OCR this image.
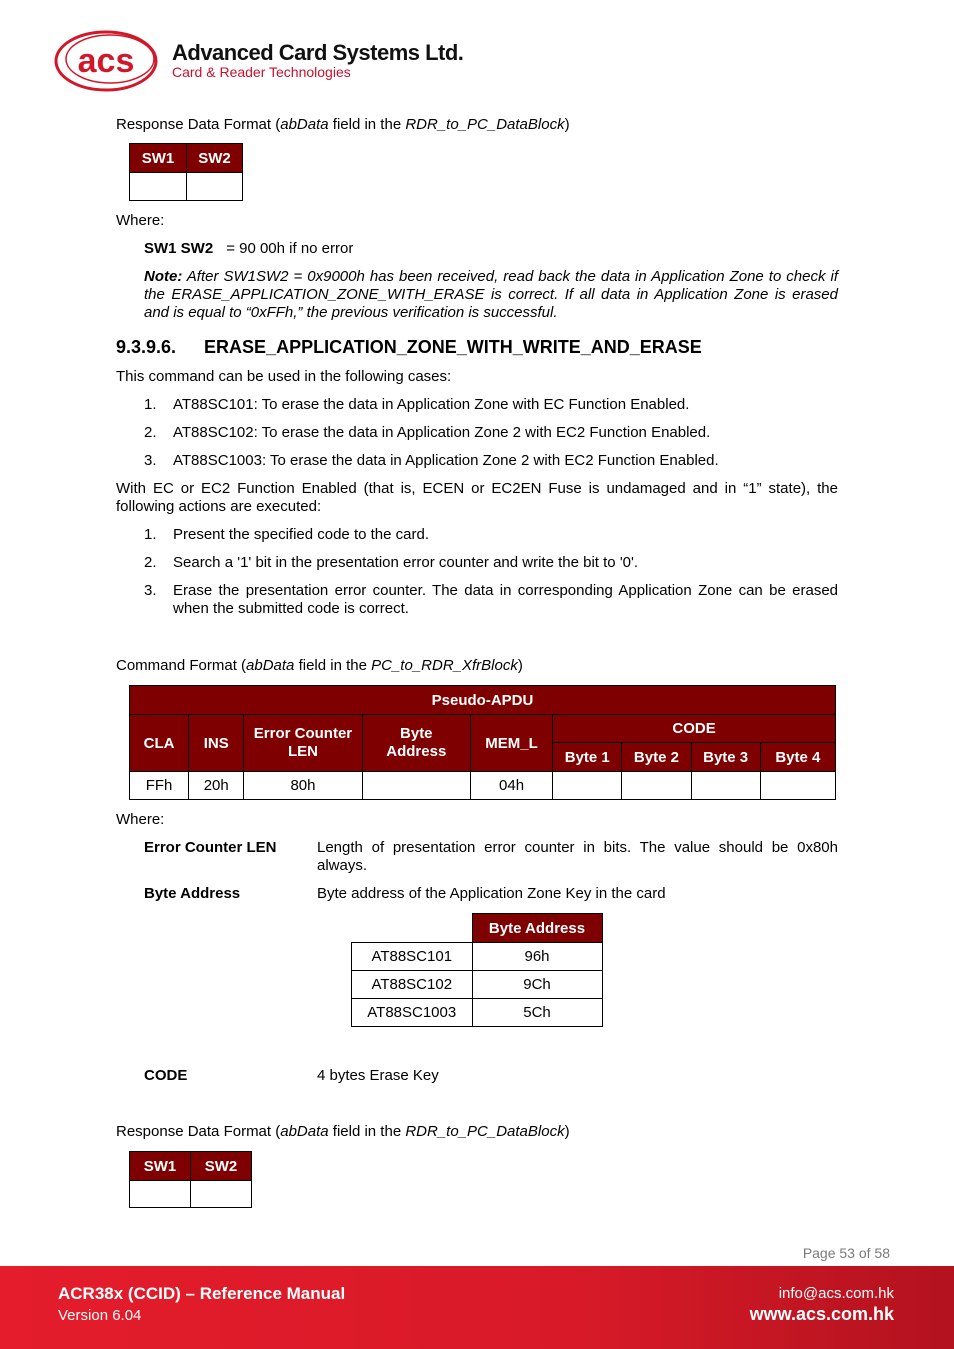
acs Advanced Card Systems Ltd.
Card & Reader Technologies
Response Data Format (abData field in the RDR_to_PC_DataBlock)
SW1	SW2

Where:
SW1 SW2 = 90 00h if no error
Note: After SW1SW2 = 0x9000h has been received, read back the data in Application Zone to check if the ERASE_APPLICATION_ZONE_WITH_ERASE is correct. If all data in Application Zone is erased and is equal to “0xFFh,” the previous verification is successful.
9.3.9.6. ERASE_APPLICATION_ZONE_WITH_WRITE_AND_ERASE
This command can be used in the following cases:
1. AT88SC101: To erase the data in Application Zone with EC Function Enabled.
2. AT88SC102: To erase the data in Application Zone 2 with EC2 Function Enabled.
3. AT88SC1003: To erase the data in Application Zone 2 with EC2 Function Enabled.
With EC or EC2 Function Enabled (that is, ECEN or EC2EN Fuse is undamaged and in “1” state), the following actions are executed:
1. Present the specified code to the card.
2. Search a '1' bit in the presentation error counter and write the bit to '0'.
3.	Erase the presentation error counter. The data in corresponding Application Zone can be erased when the submitted code is correct.
Command Format (abData field in the PC_to_RDR_XfrBlock)
Pseudo-APDU								
CLA	INS	Error Counter LEN	Byte Address	MEM_L	CODE			
					Byte 1	Byte 2	Byte 3	Byte 4
FFh	20h	80h		04h				
Where:
Error Counter LEN	Length of presentation error counter in bits. The value should be 0x80h always.
Byte Address	Byte address of the Application Zone Key in the card
	Byte Address
AT88SC101	96h
AT88SC102	9Ch
AT88SC1003	5Ch
CODE	4 bytes Erase Key
Response Data Format (abData field in the RDR_to_PC_DataBlock)
SW1	SW2

Page 53 of 58
ACR38x (CCID) – Reference Manual
Version 6.04
info@acs.com.hk
www.acs.com.hk
